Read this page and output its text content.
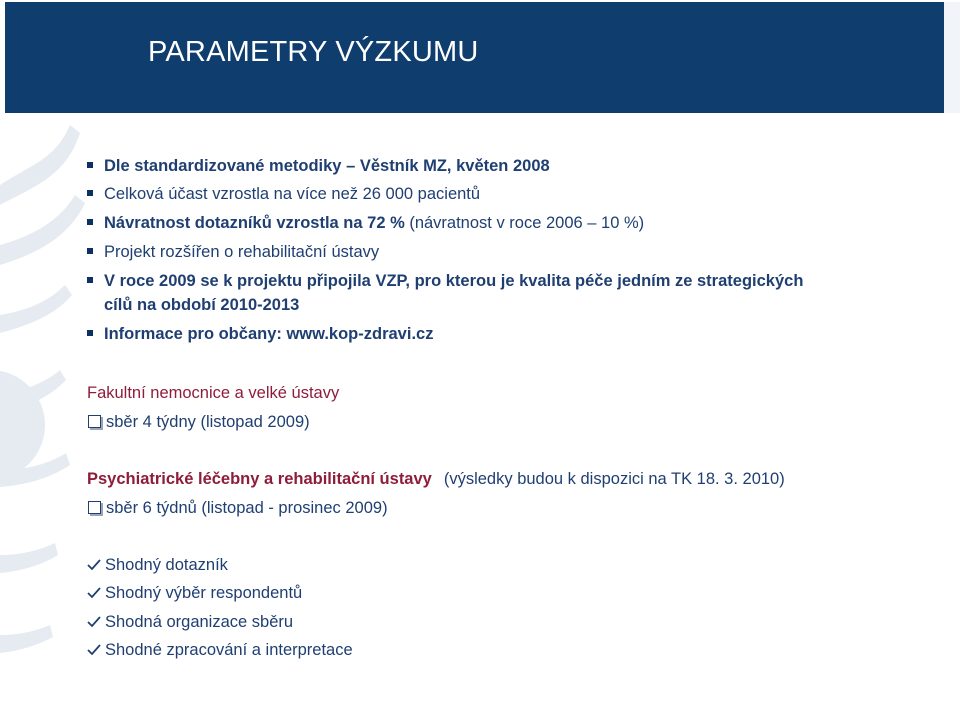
PARAMETRY VÝZKUMU
Dle standardizované metodiky – Věstník MZ, květen 2008
Celková účast vzrostla na více než 26 000 pacientů
Návratnost dotazníků vzrostla na 72 % (návratnost v roce 2006 – 10 %)
Projekt rozšířen o rehabilitační ústavy
V roce 2009 se k projektu připojila VZP, pro kterou je kvalita péče jedním ze strategických
cílů na období 2010-2013
Informace pro občany: www.kop-zdravi.cz
Fakultní nemocnice a velké ústavy
sběr 4 týdny (listopad 2009)
Psychiatrické léčebny a rehabilitační ústavy (výsledky budou k dispozici na TK 18. 3. 2010)
sběr 6 týdnů (listopad - prosinec 2009)
Shodný dotazník
Shodný výběr respondentů
Shodná organizace sběru
Shodné zpracování a interpretace
